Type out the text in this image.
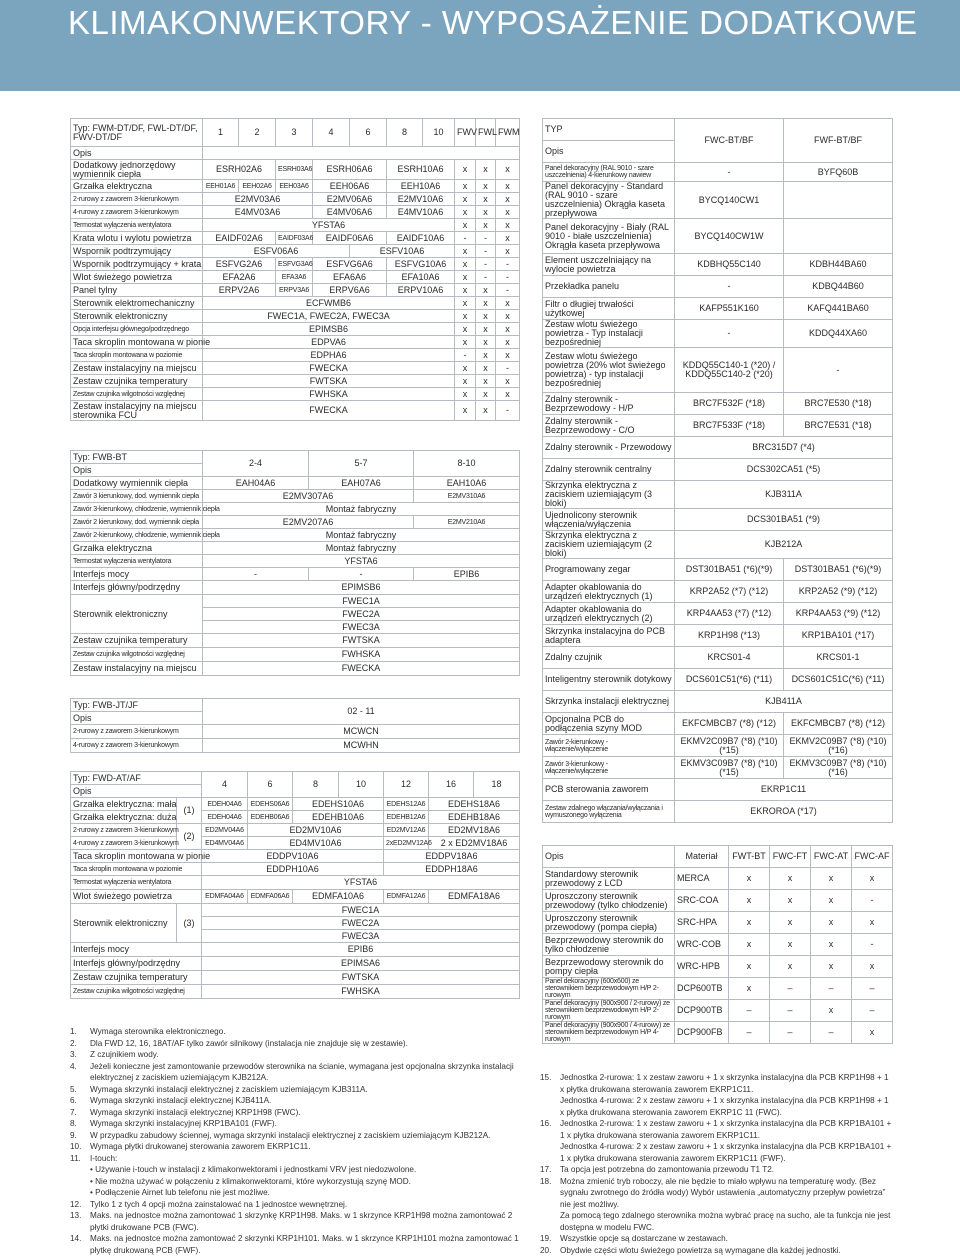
KLIMAKONWEKTORY - WYPOSAŻENIE DODATKOWE
Typ: FWM-DT/DF, FWL-DT/DF, FWV-DT/DF	1	2	3	4	6	8	10	FWV	FWL	FWM
Opis										
Dodatkowy jednorzędowy wymiennik ciepła	ESRH02A6		ESRH03A6	ESRH06A6		ESRH10A6		x	x	x
Grzałka elektryczna	EEH01A6	EEH02A6	EEH03A6	EEH06A6		EEH10A6		x	x	x
2-rurowy z zaworem 3-kierunkowym	E2MV03A6			E2MV06A6		E2MV10A6		x	x	x
4-rurowy z zaworem 3-kierunkowym	E4MV03A6			E4MV06A6		E4MV10A6		x	x	x
Termostat wyłączenia wentylatora	YFSTA6							x	x	x
Krata wlotu i wylotu powietrza	EAIDF02A6		EAIDF03A6	EAIDF06A6		EAIDF10A6		-	-	x
Wspornik podtrzymujący	ESFV06A6				ESFV10A6			x	-	x
Wspornik podtrzymujący + krata	ESFVG2A6		ESFVG3A6	ESFVG6A6		ESFVG10A6		x	-	-
Wlot świeżego powietrza	EFA2A6		EFA3A6	EFA6A6		EFA10A6		x	-	-
Panel tylny	ERPV2A6		ERPV3A6	ERPV6A6		ERPV10A6		x	x	-
Sterownik elektromechaniczny	ECFWMB6							x	x	x
Sterownik elektroniczny	FWEC1A, FWEC2A, FWEC3A							x	x	x
Opcja interfejsu głównego/podrzędnego	EPIMSB6							x	x	x
Taca skroplin montowana w pionie	EDPVA6							x	x	x
Taca skroplin montowana w poziomie	EDPHA6							-	x	x
Zestaw instalacyjny na miejscu	FWECKA							x	x	-
Zestaw czujnika temperatury	FWTSKA							x	x	x
Zestaw czujnika wilgotności względnej	FWHSKA							x	x	x
Zestaw instalacyjny na miejscu sterownika FCU	FWECKA							x	x	-
Typ: FWB-BT	2-4	5-7	8-10
Opis			
Dodatkowy wymiennik ciepła	EAH04A6	EAH07A6	EAH10A6
Zawór 3 kierunkowy, dod. wymiennik ciepła	E2MV307A6		E2MV310A6
Zawór 3-kierunkowy, chłodzenie, wymiennik ciepła	Montaż fabryczny		
Zawór 2 kierunkowy, dod. wymiennik ciepła	E2MV207A6		E2MV210A6
Zawór 2-kierunkowy, chłodzenie, wymiennik ciepła	Montaż fabryczny		
Grzałka elektryczna	Montaż fabryczny		
Termostat wyłączenia wentylatora	YFSTA6		
Interfejs mocy	-	-	EPIB6
Interfejs główny/podrzędny	EPIMSB6		
Sterownik elektroniczny	FWEC1A		
	FWEC2A		
	FWEC3A		
Zestaw czujnika temperatury	FWTSKA		
Zestaw czujnika wilgotności względnej	FWHSKA		
Zestaw instalacyjny na miejscu	FWECKA		
Typ: FWB-JT/JF	02 - 11
Opis	
2-rurowy z zaworem 3-kierunkowym	MCWCN
4-rurowy z zaworem 3-kierunkowym	MCWHN
Typ: FWD-AT/AF		4	6	8	10	12	16	18
Opis								
Grzałka elektryczna: mała	(1)	EDEH04A6	EDEHS06A6	EDEHS10A6		EDEHS12A6	EDEHS18A6	
Grzałka elektryczna: duża		EDEH04A6	EDEHB06A6	EDEHB10A6		EDEHB12A6	EDEHB18A6	
2-rurowy z zaworem 3-kierunkowym	(2)	ED2MV04A6	ED2MV10A6			ED2MV12A6	ED2MV18A6	
4-rurowy z zaworem 3-kierunkowym		ED4MV04A6	ED4MV10A6			2xED2MV12A6	2 x ED2MV18A6	
Taca skroplin montowana w pionie		EDDPV10A6				EDDPV18A6		
Taca skroplin montowana w poziomie		EDDPH10A6				EDDPH18A6		
Termostat wyłączenia wentylatora		YFSTA6						
Wlot świeżego powietrza		EDMFA04A6	EDMFA06A6	EDMFA10A6		EDMFA12A6	EDMFA18A6	
Sterownik elektroniczny	(3)	FWEC1A						
		FWEC2A						
		FWEC3A						
Interfejs mocy		EPIB6						
Interfejs główny/podrzędny		EPIMSA6						
Zestaw czujnika temperatury		FWTSKA						
Zestaw czujnika wilgotności względnej		FWHSKA						
TYP	FWC-BT/BF	FWF-BT/BF
Opis		
Panel dekoracyjny (RAL 9010 - szare uszczelnienia) 4-kierunkowy nawiew	-	BYFQ60B
Panel dekoracyjny - Standard (RAL 9010 - szare uszczelnienia) Okrągła kaseta przepływowa	BYCQ140CW1	
Panel dekoracyjny - Biały (RAL 9010 - białe uszczelnienia) Okrągła kaseta przepływowa	BYCQ140CW1W	
Element uszczelniający na wylocie powietrza	KDBHQ55C140	KDBH44BA60
Przekładka panelu	-	KDBQ44B60
Filtr o długiej trwałości użytkowej	KAFP551K160	KAFQ441BA60
Zestaw wlotu świeżego powietrza - Typ instalacji bezpośredniej	-	KDDQ44XA60
Zestaw wlotu świeżego powietrza (20% wlot świeżego powietrza) - typ instalacji bezpośredniej	KDDQ55C140-1 (*20) / KDDQ55C140-2 (*20)	-
Zdalny sterownik - Bezprzewodowy - H/P	BRC7F532F (*18)	BRC7E530 (*18)
Zdalny sterownik - Bezprzewodowy - C/O	BRC7F533F (*18)	BRC7E531 (*18)
Zdalny sterownik - Przewodowy	BRC315D7 (*4)	
Zdalny sterownik centralny	DCS302CA51 (*5)	
Skrzynka elektryczna z zaciskiem uziemiającym (3 bloki)	KJB311A	
Ujednolicony sterownik włączenia/wyłączenia	DCS301BA51 (*9)	
Skrzynka elektryczna z zaciskiem uziemiającym (2 bloki)	KJB212A	
Programowany zegar	DST301BA51 (*6)(*9)	DST301BA51 (*6)(*9)
Adapter okablowania do urządzeń elektrycznych (1)	KRP2A52 (*7) (*12)	KRP2A52 (*9) (*12)
Adapter okablowania do urządzeń elektrycznych (2)	KRP4AA53 (*7) (*12)	KRP4AA53 (*9) (*12)
Skrzynka instalacyjna do PCB adaptera	KRP1H98 (*13)	KRP1BA101 (*17)
Zdalny czujnik	KRCS01-4	KRCS01-1
Inteligentny sterownik dotykowy	DCS601C51(*6) (*11)	DCS601C51C(*6) (*11)
Skrzynka instalacji elektrycznej	KJB411A	
Opcjonalna PCB do podłączenia szyny MOD	EKFCMBCB7 (*8) (*12)	EKFCMBCB7 (*8) (*12)
Zawór 2-kierunkowy - włączenie/wyłączenie	EKMV2C09B7 (*8) (*10) (*15)	EKMV2C09B7 (*8) (*10) (*16)
Zawór 3-kierunkowy - włączenie/wyłączenie	EKMV3C09B7 (*8) (*10) (*15)	EKMV3C09B7 (*8) (*10) (*16)
PCB sterowania zaworem	EKRP1C11	
Zestaw zdalnego włączania/wyłączania i wymuszonego wyłączenia	EKROROA (*17)	
Opis	Materiał	FWT-BT	FWC-FT	FWC-AT	FWC-AF
Standardowy sterownik przewodowy z LCD	MERCA	x	x	x	x
Uproszczony sterownik przewodowy (tylko chłodzenie)	SRC-COA	x	x	x	-
Uproszczony sterownik przewodowy (pompa ciepła)	SRC-HPA	x	x	x	x
Bezprzewodowy sterownik do tylko chłodzenie	WRC-COB	x	x	x	-
Bezprzewodowy sterownik do pompy ciepła	WRC-HPB	x	x	x	x
Panel dekoracyjny (600x600) ze sterownikiem bezprzewodowym H/P 2-rurowym	DCP600TB	x	–	–	–
Panel dekoracyjny (900x900 / 2-rurowy) ze sterownikiem bezprzewodowym H/P 2-rurowym	DCP900TB	–	–	x	–
Panel dekoracyjny (900x900 / 4-rurowy) ze sterownikiem bezprzewodowym H/P 4-rurowym	DCP900FB	–	–	–	x
1.	Wymaga sterownika elektronicznego.
2.	Dla FWD 12, 16, 18AT/AF tylko zawór silnikowy (instalacja nie znajduje się w zestawie).
3.	Z czujnikiem wody.
4.	Jeżeli konieczne jest zamontowanie przewodów sterownika na ścianie, wymagana jest opcjonalna skrzynka instalacji elektrycznej z zaciskiem uziemiającym KJB212A.
5.	Wymaga skrzynki instalacji elektrycznej z zaciskiem uziemiającym KJB311A.
6.	Wymaga skrzynki instalacji elektrycznej KJB411A.
7.	Wymaga skrzynki instalacji elektrycznej KRP1H98 (FWC).
8.	Wymaga skrzynki instalacyjnej KRP1BA101 (FWF).
9.	W przypadku zabudowy ściennej, wymaga skrzynki instalacji elektrycznej z zaciskiem uziemiającym KJB212A.
10.	Wymaga płytki drukowanej sterowania zaworem EKRP1C11.
11.	I-touch:
• Używanie i-touch w instalacji z klimakonwektorami i jednostkami VRV jest niedozwolone.
• Nie można używać w połączeniu z klimakonwektorami, które wykorzystują szynę MOD.
• Podłączenie Airnet lub telefonu nie jest możliwe.
12.	Tylko 1 z tych 4 opcji można zainstalować na 1 jednostce wewnętrznej.
13.	Maks. na jednostce można zamontować 1 skrzynkę KRP1H98. Maks. w 1 skrzynce KRP1H98 można zamontować 2 płytki drukowane PCB (FWC).
14.	Maks. na jednostce można zamontować 2 skrzynki KRP1H101. Maks. w 1 skrzynce KRP1H101 można zamontować 1 płytkę drukowaną PCB (FWF).
15.	Jednostka 2-rurowa: 1 x zestaw zaworu + 1 x skrzynka instalacyjna dla PCB KRP1H98 + 1 x płytka drukowana sterowania zaworem EKRP1C11.
Jednostka 4-rurowa: 2 x zestaw zaworu + 1 x skrzynka instalacyjna dla PCB KRP1H98 + 1 x płytka drukowana sterowania zaworem EKRP1C 11 (FWC).
16.	Jednostka 2-rurowa: 1 x zestaw zaworu + 1 x skrzynka instalacyjna dla PCB KRP1BA101 + 1 x płytka drukowana sterowania zaworem EKRP1C11.
Jednostka 4-rurowa: 2 x zestaw zaworu + 1 x skrzynka instalacyjna dla PCB KRP1BA101 + 1 x płytka drukowana sterowania zaworem EKRP1C11 (FWF).
17.	Ta opcja jest potrzebna do zamontowania przewodu T1 T2.
18.	Można zmienić tryb roboczy, ale nie będzie to miało wpływu na temperaturę wody. (Bez sygnału zwrotnego do źródła wody) Wybór ustawienia „automatyczny przepływ powietrza” nie jest możliwy.
Za pomocą tego zdalnego sterownika można wybrać pracę na sucho, ale ta funkcja nie jest dostępna w modelu FWC.
19.	Wszystkie opcje są dostarczane w zestawach.
20.	Obydwie części wlotu świeżego powietrza są wymagane dla każdej jednostki.
